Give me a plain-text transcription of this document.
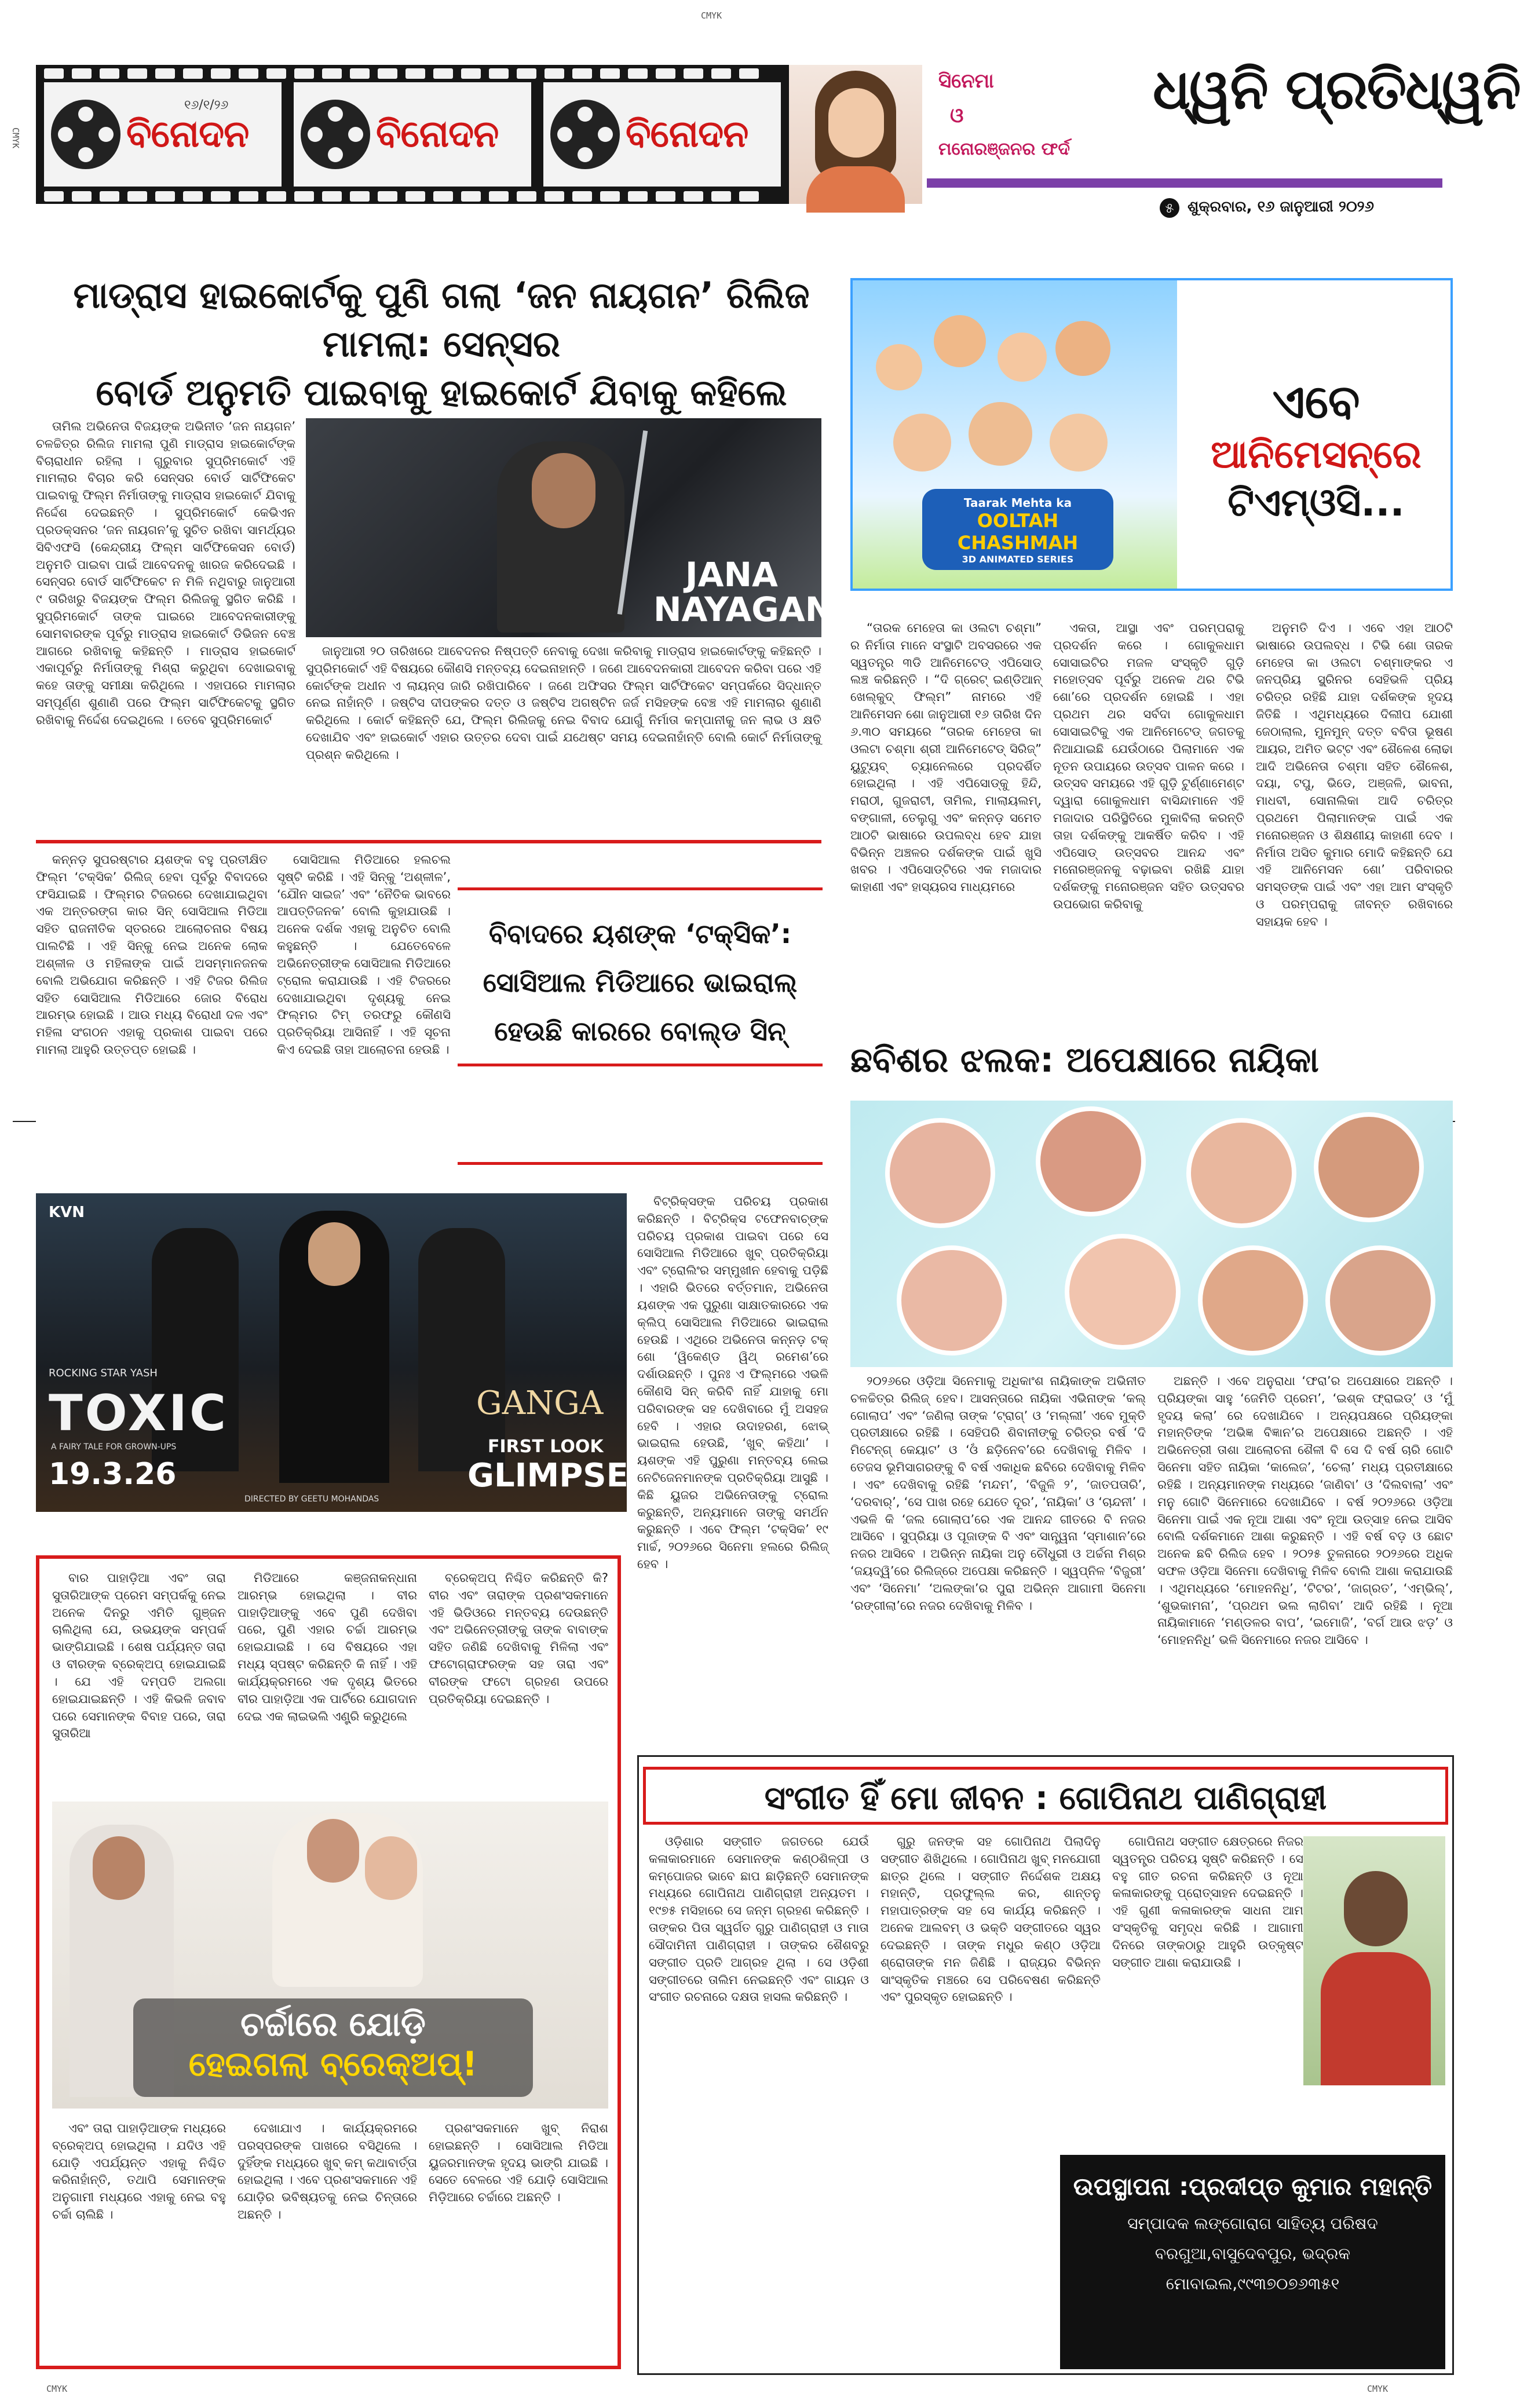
CMYK
CMYK
CMYK	CMYK
୧୬/୧/୨୬
ବିନୋଦନ	ବିନୋଦନ	ବିନୋଦନ
ସିନେମା
ଓ
ମନୋରଞ୍ଜନର ଫର୍ଦ
ଧ୍ୱନି ପ୍ରତିଧ୍ୱନି
୫ ଶୁକ୍ରବାର, ୧୬ ଜାନୁଆରୀ ୨୦୨୬
ମାଡ୍ରାସ ହାଇକୋର୍ଟକୁ ପୁଣି ଗଲା ‘ଜନ ନାୟଗନ’ ରିଲିଜ ମାମଲା: ସେନ୍ସର
ବୋର୍ଡ ଅନୁମତି ପାଇବାକୁ ହାଇକୋର୍ଟ ଯିବାକୁ କହିଲେ

ତାମିଲ ଅଭିନେତା ବିଜୟଙ୍କ ଅଭିନୀତ ‘ଜନ ନାୟଗନ’ ଚଳଚ୍ଚିତ୍ର ରିଲିଜ ମାମଲା ପୁଣି ମାଡ୍ରାସ ହାଇକୋର୍ଟଙ୍କ ବିଚାରାଧୀନ ରହିଲା । ଗୁରୁବାର ସୁପ୍ରିମକୋର୍ଟ ଏହି ମାମଲାର ବିଚାର କରି ସେନ୍ସର ବୋର୍ଡ ସାର୍ଟିଫିକେଟ ପାଇବାକୁ ଫିଲ୍ମ ନିର୍ମାତାଙ୍କୁ ମାଡ୍ରାସ ହାଇକୋର୍ଟ ଯିବାକୁ ନିର୍ଦ୍ଦେଶ ଦେଇଛନ୍ତି । ସୁପ୍ରିମକୋର୍ଟ କେଭିଏନ ପ୍ରଡକ୍ସନର ‘ଜନ ନାୟଗନ’କୁ ସୁଚିତ ରଖିବା ସାମର୍ଥ୍ୟର ସିବିଏଫସି (କେନ୍ଦ୍ରୀୟ ଫିଲ୍ମ ସାର୍ଟିଫିକେସନ ବୋର୍ଡ) ଅନୁମତି ପାଇବା ପାଇଁ ଆବେଦନକୁ ଖାରଜ କରିଦେଇଛି । ସେନ୍ସର ବୋର୍ଡ ସାର୍ଟିଫିକେଟ ନ ମିଳି ନଥିବାରୁ ଜାନୁଆରୀ ୯ ତାରିଖରୁ ବିଜୟଙ୍କ ଫିଲ୍ମ ରିଲିଜକୁ ସ୍ଥଗିତ କରିଛି । ସୁପ୍ରିମକୋର୍ଟ ତାଙ୍କ ଘାଇରେ ଆବେଦନକାରୀଙ୍କୁ ସୋମବାରଙ୍କ ପୂର୍ବରୁ ମାଡ୍ରାସ ହାଇକୋର୍ଟ ଡିଭିଜନ ବେଞ୍ଚ ଆଗରେ ରଖିବାକୁ କହିଛନ୍ତି । ମାଡ୍ରାସ ହାଇକୋର୍ଟ ଏକାପୂର୍ବରୁ ନିର୍ମାତାଙ୍କୁ ମିଶ୍ରା କରୁଥିବା ଦେଖାଇବାକୁ କହେ ତାଙ୍କୁ ସମୀକ୍ଷା କରିଥିଲେ । ଏହାପରେ ମାମଲାର ସମ୍ପୂର୍ଣ୍ଣ ଶୁଣାଣି ପରେ ଫିଲ୍ମ ସାର୍ଟିଫିକେଟକୁ ସ୍ଥଗିତ ରଖିବାକୁ ନିର୍ଦ୍ଦେଶ ଦେଇଥିଲେ । ତେବେ ସୁପ୍ରିମକୋର୍ଟ

JANA NAYAGAN

ଜାନୁଆରୀ ୨୦ ତାରିଖରେ ଆବେଦନର ନିଷ୍ପତ୍ତି ନେବାକୁ ଦେଖା କରିବାକୁ ମାଡ୍ରାସ ହାଇକୋର୍ଟଙ୍କୁ କହିଛନ୍ତି । ସୁପ୍ରିମକୋର୍ଟ ଏହି ବିଷୟରେ କୌଣସି ମନ୍ତବ୍ୟ ଦେଇନାହାନ୍ତି । ଜଣେ ଆବେଦନକାରୀ ଆବେଦନ କରିବା ପରେ ଏହି କୋର୍ଟଙ୍କ ଅଧୀନ ଏ ଲାୟନ୍ସ ଜାରି ରଖିପାରିବେ । ଜଣେ ଅଫିସର ଫିଲ୍ମ ସାର୍ଟିଫିକେଟ ସମ୍ପର୍କରେ ସିଦ୍ଧାନ୍ତ ନେଇ ନାହାଁନ୍ତି । ଜଷ୍ଟିସ ଦୀପଙ୍କର ଦତ୍ତ ଓ ଜଷ୍ଟିସ ଅଗଷ୍ଟିନ ଜର୍ଜ ମସିହଙ୍କ ବେଞ୍ଚ ଏହି ମାମଲାର ଶୁଣାଣି କରିଥିଲେ । କୋର୍ଟ କହିଛନ୍ତି ଯେ, ଫିଲ୍ମ ରିଲିଜକୁ ନେଇ ବିବାଦ ଯୋଗୁଁ ନିର୍ମାତା କମ୍ପାନୀକୁ ଜନ ଲାଭ ଓ କ୍ଷତି ଦେଖାଯିବ ଏବଂ ହାଇକୋର୍ଟ ଏହାର ଉତ୍ତର ଦେବା ପାଇଁ ଯଥେଷ୍ଟ ସମୟ ଦେଇନାହାଁନ୍ତି ବୋଲି କୋର୍ଟ ନିର୍ମାତାଙ୍କୁ ପ୍ରଶ୍ନ କରିଥିଲେ ।

Taarak Mehta ka
OOLTAH CHASHMAH
3D ANIMATED SERIES
ଏବେ
ଆନିମେସନ୍‌ରେ
ଟିଏମ୍‌ଓସି...

“ତାରକ ମେହେତା କା ଓଲଟା ଚଶ୍ମା” ର ନିର୍ମାତା ମାନେ ସଂସ୍ଥାଟି ଅବସରରେ ଏକ ସ୍ୱତନ୍ତ୍ର ୩ଡି ଆନିମେଟେଡ୍ ଏପିସୋଡ୍ ଲଞ୍ଚ କରିଛନ୍ତି । “ଦି ଗ୍ରେଟ୍ ଇଣ୍ଡିଆନ୍ ଖେଲ୍କୁଦ୍ ଫିଲ୍ମ” ନାମରେ ଏହି ଆନିମେସନ ଶୋ ଜାନୁଆରୀ ୧୬ ତାରିଖ ଦିନ ୬.୩୦ ସମୟରେ “ତାରକ ମେହେତା କା ଓଲଟା ଚଶ୍ମା ଶ୍ରୀ ଆନିମେଟେଡ୍ ସିରିଜ୍” ୟୁଟ୍ୟୁବ୍ ଚ୍ୟାନେଲରେ ପ୍ରଦର୍ଶିତ ହୋଇଥିଲା । ଏହି ଏପିସୋଡ୍‌କୁ ହିନ୍ଦି, ମରାଠୀ, ଗୁଜରାଟୀ, ତାମିଲ, ମାଲାୟଲମ୍, ବଙ୍ଗାଳୀ, ତେଲୁଗୁ ଏବଂ କନ୍ନଡ଼ ସମେତ ଆଠଟି ଭାଷାରେ ଉପଲବ୍ଧ ହେବ ଯାହା ବିଭିନ୍ନ ଅଞ୍ଚଳର ଦର୍ଶକଙ୍କ ପାଇଁ ଖୁସି ଖବର । ଏପିସୋଡ୍‌ଟିରେ ଏକ ମଜାଦାର କାହାଣୀ ଏବଂ ହାସ୍ୟରସ ମାଧ୍ୟମରେ

ଏକତା, ଆସ୍ଥା ଏବଂ ପରମ୍ପରାକୁ ପ୍ରଦର୍ଶନ କରେ । ଗୋକୁଳଧାମ ସୋସାଇଟିର ମଜଳ ସଂସ୍କୃତି ଗୁଡ଼ି ମହୋତ୍ସବ ପୂର୍ବରୁ ଅନେକ ଥର ଟିଭି ଶୋ’ରେ ପ୍ରଦର୍ଶନ ହୋଇଛି । ଏହା ପ୍ରଥମ ଥର ସର୍ବଦା ଗୋକୁଳଧାମ ସୋସାଇଟିକୁ ଏକ ଆନିମେଟେଡ୍ ଜଗତକୁ ନିଆଯାଇଛି ଯେଉଁଠାରେ ପିଲାମାନେ ଏକ ନୂତନ ଉପାୟରେ ଉତ୍ସବ ପାଳନ କରେ । ଉତ୍ସବ ସମୟରେ ଏହି ଗୁଡ଼ି ଟୁର୍ଣ୍ଣାମେଣ୍ଟ ଦ୍ୱାରା ଗୋକୁଳଧାମ ବାସିନ୍ଦାମାନେ ଏହି ମଜାଦାର ପରିସ୍ଥିତିରେ ମୁକାବିଲା କରନ୍ତି ତାହା ଦର୍ଶକଙ୍କୁ ଆକର୍ଷିତ କରିବ । ଏହି ଏପିସୋଡ୍ ଉତ୍ସବର ଆନନ୍ଦ ଏବଂ ମନୋରଞ୍ଜନକୁ ବଢ଼ାଇବା ରଖିଛି ଯାହା ଦର୍ଶକଙ୍କୁ ମନୋରଞ୍ଜନ ସହିତ ଉତ୍ସବର ଉପଭୋଗ କରିବାକୁ

ଅନୁମତି ଦିଏ । ଏବେ ଏହା ଆଠଟି ଭାଷାରେ ଉପଲବ୍ଧ । ଟିଭି ଶୋ ତାରକ ମେହେତା କା ଓଲଟା ଚଶ୍ମାଙ୍କର ଏ ଜନପ୍ରିୟ ସ୍କ୍ରିନର ସେହିଭଳି ପ୍ରିୟ ଚରିତ୍ର ରହିଛି ଯାହା ଦର୍ଶକଙ୍କ ହୃଦୟ ଜିତିଛି । ଏଥିମଧ୍ୟରେ ଦିଲୀପ ଯୋଶୀ ଜେଠାଲାଲ, ମୁନମୁନ୍ ଦତ୍ତ ବବିତା ଭୂଷଣ ଆୟର, ଅମିତ ଭଟ୍ଟ ଏବଂ ଶୈଳେଶ ଲୋଢା ଆଦି ଅଭିନେତା ଚଶ୍ମା ସହିତ ଶୈଳେଶ, ଦୟା, ଟପୁ, ଭିଡେ, ଅଞ୍ଜଳି, ଭାବନା, ମାଧବୀ, ସୋନାଲିକା ଆଦି ଚରିତ୍ର ପ୍ରଥମେ ପିଲାମାନଙ୍କ ପାଇଁ ଏକ ମନୋରଞ୍ଜନ ଓ ଶିକ୍ଷଣୀୟ କାହାଣୀ ଦେବ । ନିର୍ମାତା ଅସିତ କୁମାର ମୋଦି କହିଛନ୍ତି ଯେ ଏହି ଆନିମେସନ ଶୋ’ ପରିବାରର ସମସ୍ତଙ୍କ ପାଇଁ ଏବଂ ଏହା ଆମ ସଂସ୍କୃତି ଓ ପରମ୍ପରାକୁ ଜୀବନ୍ତ ରଖିବାରେ ସହାୟକ ହେବ ।

କନ୍ନଡ଼ ସୁପରଷ୍ଟାର ୟଶଙ୍କ ବହୁ ପ୍ରତୀକ୍ଷିତ ଫିଲ୍ମ ‘ଟକ୍ସିକ’ ରିଲିଜ୍ ହେବା ପୂର୍ବରୁ ବିବାଦରେ ଫସିଯାଇଛି । ଫିଲ୍ମର ଟିଜରରେ ଦେଖାଯାଇଥିବା ଏକ ଅନ୍ତରଙ୍ଗ କାର ସିନ୍ ସୋସିଆଲ ମିଡିଆ ସହିତ ରାଜନୀତିକ ସ୍ତରରେ ଆଲୋଚନାର ବିଷୟ ପାଲଟିଛି । ଏହି ସିନ୍‌କୁ ନେଇ ଅନେକ ଲୋକ ଅଶ୍ଳୀଳ ଓ ମହିଳାଙ୍କ ପାଇଁ ଅସମ୍ମାନଜନକ ବୋଲି ଅଭିଯୋଗ କରିଛନ୍ତି । ଏହି ଟିଜର ରିଲିଜ ସହିତ ସୋସିଆଲ ମିଡିଆରେ ଜୋର ବିରୋଧ ଆରମ୍ଭ ହୋଇଛି । ଆଉ ମଧ୍ୟ ବିରୋଧୀ ଦଳ ଏବଂ ମହିଳା ସଂଗଠନ ଏହାକୁ ପ୍ରକାଶ ପାଇବା ପରେ ମାମଲା ଆହୁରି ଉତ୍ତପ୍ତ ହୋଇଛି ।

ସୋସିଆଲ ମିଡିଆରେ ହଲଚଲ ସୃଷ୍ଟି କରିଛି । ଏହି ସିନ୍‌କୁ ‘ଅଶ୍ଳୀଳ’, ‘ଯୌନ ସାଇଜ’ ଏବଂ ‘ନୈତିକ ଭାବରେ ଆପତ୍ତିଜନକ’ ବୋଲି କୁହାଯାଉଛି । ଅନେକ ଦର୍ଶକ ଏହାକୁ ଅନୁଚିତ ବୋଲି କହୁଛନ୍ତି । ଯେତେବେଳେ ଅଭିନେତ୍ରୀଙ୍କ ସୋସିଆଲ ମିଡିଆରେ ଟ୍ରୋଲ କରାଯାଉଛି । ଏହି ଟିଜରରେ ଦେଖାଯାଇଥିବା ଦୃଶ୍ୟକୁ ନେଇ ଫିଲ୍ମର ଟିମ୍ ତରଫରୁ କୌଣସି ପ୍ରତିକ୍ରିୟା ଆସିନାହିଁ । ଏହି ସୂଚନା କିଏ ଦେଇଛି ତାହା ଆଲୋଚନା ହେଉଛି ।

ବିବାଦରେ ୟଶଙ୍କ ‘ଟକ୍ସିକ’:
ସୋସିଆଲ ମିଡିଆରେ ଭାଇରାଲ୍
ହେଉଛି କାରରେ ବୋଲ୍ଡ ସିନ୍
KVN
ROCKING STAR YASH
TOXIC
A FAIRY TALE FOR GROWN-UPS
19.3.26
GANGA
FIRST LOOK
GLIMPSE
DIRECTED BY GEETU MOHANDAS

ବିଟ୍ରିକ୍ସଙ୍କ ପରିଚୟ ପ୍ରକାଶ କରିଛନ୍ତି । ବିଟ୍ରିକ୍ସ ଟଫେନବାଚ୍ଙ୍କ ପରିଚୟ ପ୍ରକାଶ ପାଇବା ପରେ ସେ ସୋସିଆଲ ମିଡିଆରେ ଖୁବ୍ ପ୍ରତିକ୍ରିୟା ଏବଂ ଟ୍ରୋଲିଂର ସମ୍ମୁଖୀନ ହେବାକୁ ପଡ଼ିଛି । ଏହାରି ଭିତରେ ବର୍ତ୍ତମାନ, ଅଭିନେତା ୟଶଙ୍କ ଏକ ପୁରୁଣା ସାକ୍ଷାତକାରରେ ଏକ କ୍ଲିପ୍ ସୋସିଆଲ ମିଡିଆରେ ଭାଇରାଲ ହେଉଛି । ଏଥିରେ ଅଭିନେତା କନ୍ନଡ଼ ଟକ୍ ଶୋ ‘ୱିକେଣ୍ଡ ୱିଥ୍ ରମେଶ’ରେ ଦର୍ଶାଉଛନ୍ତି । ପୁନଃ ଏ ଫିଲ୍ମରେ ଏଭଳି କୌଣସି ସିନ୍ କରିବି ନାହିଁ ଯାହାକୁ ମୋ ପରିବାରଙ୍କ ସହ ଦେଖିବାରେ ମୁଁ ଅସହଜ ହେବି । ଏହାର ଉଦାହରଣ, ଝୋଭ୍ ଭାଇରାଲ ହେଉଛି, ‘ଖୁବ୍ କହିଥା’ । ୟଶଙ୍କ ଏହି ପୁରୁଣା ମନ୍ତବ୍ୟ ଲେଇ ନେଟିଜେନମାନଙ୍କ ପ୍ରତିକ୍ରିୟା ଆସୁଛି । କିଛି ୟୁଜର ଅଭିନେତାଙ୍କୁ ଟ୍ରୋଲ କରୁଛନ୍ତି, ଅନ୍ୟମାନେ ତାଙ୍କୁ ସମର୍ଥନ କରୁଛନ୍ତି । ଏବେ ଫିଲ୍ମ ‘ଟକ୍ସିକ’ ୧୯ ମାର୍ଚ୍ଚ, ୨୦୨୬ରେ ସିନେମା ହଲରେ ରିଲିଜ୍ ହେବ ।

ଛବିଶର ଝଲକ: ଅପେକ୍ଷାରେ ନାୟିକା

୨୦୨୬ରେ ଓଡ଼ିଆ ସିନେମାକୁ ଅଧିକାଂଶ ନାୟିକାଙ୍କ ଅଭିନୀତ ଚଳଚ୍ଚିତ୍ର ରିଲିଜ୍ ହେବ। ଆସନ୍ତାରେ ନାୟିକା ଏଭିନାଙ୍କ ‘କଲ୍ ଗୋଲାପ’ ଏବଂ ‘ଜଣିଲା ତାଙ୍କ ‘ଟ୍ରାଗ୍’ ଓ ‘ମଲ୍ଲୀ’ ଏବେ ମୁକ୍ତି ପ୍ରତୀକ୍ଷାରେ ରହିଛି । ସେହିପରି ଶିବାନୀଙ୍କୁ ଚରିତ୍ର ବର୍ଷ ‘ଦି ମିଟେନ୍ଗ୍ କେୟାଟ’ ଓ ‘ଓଁ ଛଡ଼ିନେବ’ରେ ଦେଖିବାକୁ ମିଳିବ । ତେଜସ ଭୂମିସାଗରଙ୍କୁ ବି ବର୍ଷ ଏକାଧିକ ଛବିରେ ଦେଖିବାକୁ ମିଳିବ । ଏବଂ ଦେଖିବାକୁ ରହିଛି ‘ମନ୍ଦମ’, ‘ବିଜୁଳି ୨’, ‘ଜାତପତାରି’, ‘ଦରବାର୍’, ‘ସେ ପାଖ ରହେ ଯେତେ ଦୂର’, ‘ନାୟିକା’ ଓ ‘ଚାନ୍ଦନୀ’ । ଏଭଳି କି ‘ଜଲ ଗୋଲାପ’ରେ ଏକ ଆନନ୍ଦ ଗୀତରେ ବି ନଜର ଆସିବେ । ସୁପ୍ରିୟା ଓ ପୂଜାଙ୍କ ବି ଏବଂ ସାନ୍ତ୍ୱନା ‘ସ୍ମାଶାନ’ରେ ନଜର ଆସିବେ । ଅଭିନ୍ନ ନାୟିକା ଅନୁ ଚୌଧୁରୀ ଓ ଅର୍ଚ୍ଚନା ମିଶ୍ର ‘ଜୟଦ୍ୱି’ରେ ରିଲିଜ୍‌ରେ ଅପେକ୍ଷା କରିଛନ୍ତି । ସ୍ୱପ୍ନିଳ ‘ବିଜୁରୀ’ ଏବଂ ‘ସିନେମା’ ‘ଅଲଙ୍କା’ର ପୁରା ଅଭିନ୍ନ ଆଗାମୀ ସିନେମା ‘ରଙ୍ଗୀଲା’ରେ ନଜର ଦେଖିବାକୁ ମିଳିବ ।

ଅଛନ୍ତି । ଏବେ ଅନୁରାଧା ‘ଫରା’ର ଅପେକ୍ଷାରେ ଅଛନ୍ତି । ପ୍ରିୟଙ୍କା ସାହୁ ‘ଜେମିତି ପ୍ରେମ’, ‘ଇଶ୍କ ଫ୍ରାଇଡ୍’ ଓ ‘ମୁଁ ହୃଦୟ କଲା’ ରେ ଦେଖାଯିବେ । ଅନ୍ୟପକ୍ଷରେ ପ୍ରିୟଙ୍କା ମହାନ୍ତିଙ୍କ ‘ଅଭିଜ୍ଞ ବିଜ୍ଞାନ’ର ଅପେକ୍ଷାରେ ଅଛନ୍ତି । ଏହି ଅଭିନେତ୍ରୀ ତାଶା ଆଲୋଚନା ଶୈଳୀ ବି ସେ ଦି ବର୍ଷ ଚାରି ଗୋଟି ସିନେମା ସହିତ ନାୟିକା ‘କାଲେଜ’, ‘ଚେଲା’ ମଧ୍ୟ ପ୍ରତୀକ୍ଷାରେ ରହିଛି । ଅନ୍ୟମାନଙ୍କ ମଧ୍ୟରେ ‘ଜାଣିବା’ ଓ ‘ଦିଲବାଲା’ ଏବଂ ମନୁ ଗୋଟି ସିନେମାରେ ଦେଖାଯିବେ । ବର୍ଷ ୨୦୨୬ରେ ଓଡ଼ିଆ ସିନେମା ପାଇଁ ଏକ ନୂଆ ଆଶା ଏବଂ ନୂଆ ଉତ୍ସାହ ନେଇ ଆସିବ ବୋଲି ଦର୍ଶକମାନେ ଆଶା କରୁଛନ୍ତି । ଏହି ବର୍ଷ ବଡ଼ ଓ ଛୋଟ ଅନେକ ଛବି ରିଲିଜ ହେବ । ୨୦୨୫ ତୁଳନାରେ ୨୦୨୬ରେ ଅଧିକ ସଫଳ ଓଡ଼ିଆ ସିନେମା ଦେଖିବାକୁ ମିଳିବ ବୋଲି ଆଶା କରାଯାଉଛି । ଏଥିମଧ୍ୟରେ ‘ମୋହନନିଧି’, ‘ଟିଟର’, ‘ଜାଗ୍ରତ’, ‘ଏମ୍ଭିଲ୍’, ‘ଶୁଭକାମନା’, ‘ପ୍ରଥମ ଭଲ ଲାଗିବା’ ଆଦି ରହିଛି । ନୂଆ ନାୟିକାମାନେ ‘ମଣ୍ଡଳର ବାପ’, ‘ଇମୋଜି’, ‘ବର୍ଗ ଆଉ ଝଡ଼’ ଓ ‘ମୋହନନିଧି’ ଭଳି ସିନେମାରେ ନଜର ଆସିବେ ।

ବାର ପାହାଡ଼ିଆ ଏବଂ ତାରା ସୁତାରିଆଙ୍କ ପ୍ରେମ ସମ୍ପର୍କକୁ ନେଇ ଅନେକ ଦିନରୁ ଏମିତି ଗୁଞ୍ଜନ ଚାଲିଥିଲା ଯେ, ଉଭୟଙ୍କ ସମ୍ପର୍କ ଭାଙ୍ଗିଯାଇଛି । ଶେଷ ପର୍ଯ୍ୟନ୍ତ ତାରା ଓ ବୀରଙ୍କ ବ୍ରେକ୍‌ଅପ୍ ହୋଇଯାଇଛି । ଯେ ଏହି ଦମ୍ପତି ଅଲଗା ହୋଇଯାଇଛନ୍ତି । ଏହି କିଭଳି ଜବାବ ପରେ ସେମାନଙ୍କ ବିବାହ ପରେ, ତାରା ସୁତାରିଆ

ମିଡିଆରେ କଞ୍ଜନାକନ୍ଧାନା ଆରମ୍ଭ ହୋଇଥିଲା । ବୀର ପାହାଡ଼ିଆଙ୍କୁ ଏବେ ପୁଣି ଦେଖିବା ପରେ, ପୁଣି ଏହାର ଚର୍ଚ୍ଚା ଆରମ୍ଭ ହୋଇଯାଇଛି । ସେ ବିଷୟରେ ଏହା ମଧ୍ୟ ସ୍ପଷ୍ଟ କରିଛନ୍ତି କି ନାହିଁ । ଏହି କାର୍ଯ୍ୟକ୍ରମରେ ଏକ ଦୃଶ୍ୟ ଭିତରେ ବୀର ପାହାଡ଼ିଆ ଏକ ପାର୍ଟିରେ ଯୋଗଦାନ ଦେଇ ଏକ ଲାଇଭଲି ଏଣ୍ଟ୍ରି କରୁଥିଲେ

ବ୍ରେକ୍‌ଅପ୍ ନିଶ୍ଚିତ କରିଛନ୍ତି କି? ବୀର ଏବଂ ତାରାଙ୍କ ପ୍ରଶଂସକମାନେ ଏହି ଭିଡିଓରେ ମନ୍ତବ୍ୟ ଦେଉଛନ୍ତି ଏବଂ ଅଭିନେତ୍ରୀଙ୍କୁ ତାଙ୍କ ବାବାଙ୍କ ସହିତ ଜଣିଛି ଦେଖିବାକୁ ମିଳିଲା ଏବଂ ଫଟୋଗ୍ରାଫରଙ୍କ ସହ ତାରା ଏବଂ ବୀରଙ୍କ ଫଟୋ ଗ୍ରହଣ ଉପରେ ପ୍ରତିକ୍ରିୟା ଦେଇଛନ୍ତି ।

ଚର୍ଚ୍ଚାରେ ଯୋଡ଼ି
ହେଇଗଲା ବ୍ରେକ୍‌ଅପ୍!

ଏବଂ ତାରା ପାହାଡ଼ିଆଙ୍କ ମଧ୍ୟରେ ବ୍ରେକ୍‌ଅପ୍ ହୋଇଥିଲା । ଯଦିଓ ଏହି ଯୋଡ଼ି ଏପର୍ଯ୍ୟନ୍ତ ଏହାକୁ ନିଶ୍ଚିତ କରିନାହାଁନ୍ତି, ତଥାପି ସେମାନଙ୍କ ଅନୁଗାମୀ ମଧ୍ୟରେ ଏହାକୁ ନେଇ ବହୁ ଚର୍ଚ୍ଚା ଚାଲିଛି ।

ଦେଖାଯାଏ । କାର୍ଯ୍ୟକ୍ରମରେ ପରସ୍ପରଙ୍କ ପାଖରେ ବସିଥିଲେ । ଦୁହିଁଙ୍କ ମଧ୍ୟରେ ଖୁବ୍ କମ୍ କଥାବାର୍ତ୍ତା ହୋଇଥିଲା । ଏବେ ପ୍ରଶଂସକମାନେ ଏହି ଯୋଡ଼ିର ଭବିଷ୍ୟତକୁ ନେଇ ଚିନ୍ତାରେ ଅଛନ୍ତି ।

ପ୍ରଶଂସକମାନେ ଖୁବ୍ ନିରାଶ ହୋଇଛନ୍ତି । ସୋସିଆଲ ମିଡିଆ ୟୁଜରମାନଙ୍କ ହୃଦୟ ଭାଙ୍ଗି ଯାଇଛି । ସେତେ ବେଳରେ ଏହି ଯୋଡ଼ି ସୋସିଆଲ ମିଡ଼ିଆରେ ଚର୍ଚ୍ଚାରେ ଅଛନ୍ତି ।

ସଂଗୀତ ହିଁ ମୋ ଜୀବନ : ଗୋପିନାଥ ପାଣିଗ୍ରାହୀ

ଓଡ଼ିଶାର ସଙ୍ଗୀତ ଜଗତରେ ଯେଉଁ କଳାକାରମାନେ ସେମାନଙ୍କ କଣ୍ଠଶିଳ୍ପୀ ଓ କମ୍ପୋଜର ଭାବେ ଛାପ ଛାଡ଼ିଛନ୍ତି ସେମାନଙ୍କ ମଧ୍ୟରେ ଗୋପିନାଥ ପାଣିଗ୍ରାହୀ ଅନ୍ୟତମ । ୧୯୭୫ ମସିହାରେ ସେ ଜନ୍ମ ଗ୍ରହଣ କରିଛନ୍ତି । ତାଙ୍କର ପିତା ସ୍ୱର୍ଗତ ଗୁରୁ ପାଣିଗ୍ରାହୀ ଓ ମାତା ସୌଦାମିନୀ ପାଣିଗ୍ରାହୀ । ତାଙ୍କର ଶୈଶବରୁ ସଙ୍ଗୀତ ପ୍ରତି ଆଗ୍ରହ ଥିଲା । ସେ ଓଡ଼ିଶୀ ସଙ୍ଗୀତରେ ତାଲିମ ନେଇଛନ୍ତି ଏବଂ ଗାୟନ ଓ ସଂଗୀତ ରଚନାରେ ଦକ୍ଷତା ହାସଲ କରିଛନ୍ତି ।

ଗୁରୁ ଜନଙ୍କ ସହ ଗୋପିନାଥ ପିଲାଦିନୁ ସଙ୍ଗୀତ ଶିଖିଥିଲେ । ଗୋପିନାଥ ଖୁବ୍ ମନଯୋଗୀ ଛାତ୍ର ଥିଲେ । ସଙ୍ଗୀତ ନିର୍ଦ୍ଦେଶକ ଅକ୍ଷୟ ମହାନ୍ତି, ପ୍ରଫୁଲ୍ଲ କର, ଶାନ୍ତନୁ ମହାପାତ୍ରଙ୍କ ସହ ସେ କାର୍ଯ୍ୟ କରିଛନ୍ତି । ଅନେକ ଆଲବମ୍ ଓ ଭକ୍ତି ସଙ୍ଗୀତରେ ସ୍ୱର ଦେଇଛନ୍ତି । ତାଙ୍କ ମଧୁର କଣ୍ଠ ଓଡ଼ିଆ ଶ୍ରୋତାଙ୍କ ମନ ଜିଣିଛି । ରାଜ୍ୟର ବିଭିନ୍ନ ସାଂସ୍କୃତିକ ମଞ୍ଚରେ ସେ ପରିବେଷଣ କରିଛନ୍ତି ଏବଂ ପୁରସ୍କୃତ ହୋଇଛନ୍ତି ।

ଗୋପିନାଥ ସଙ୍ଗୀତ କ୍ଷେତ୍ରରେ ନିଜର ସ୍ୱତନ୍ତ୍ର ପରିଚୟ ସୃଷ୍ଟି କରିଛନ୍ତି । ସେ ବହୁ ଗୀତ ରଚନା କରିଛନ୍ତି ଓ ନୂଆ କଳାକାରଙ୍କୁ ପ୍ରୋତ୍ସାହନ ଦେଇଛନ୍ତି । ଏହି ଗୁଣୀ କଳାକାରଙ୍କ ସାଧନା ଆମ ସଂସ୍କୃତିକୁ ସମୃଦ୍ଧ କରିଛି । ଆଗାମୀ ଦିନରେ ତାଙ୍କଠାରୁ ଆହୁରି ଉତ୍କୃଷ୍ଟ ସଙ୍ଗୀତ ଆଶା କରାଯାଉଛି ।

ଉପସ୍ଥାପନା :ପ୍ରଦୀପ୍ତ କୁମାର ମହାନ୍ତି
ସମ୍ପାଦକ ଲଙ୍ଗୋରାଗ ସାହିତ୍ୟ ପରିଷଦ
ବରଗୁଆ,ବାସୁଦେବପୁର, ଭଦ୍ରକ
ମୋବାଇଲ,୯୯୩୭୦୭୬୩୫୧
